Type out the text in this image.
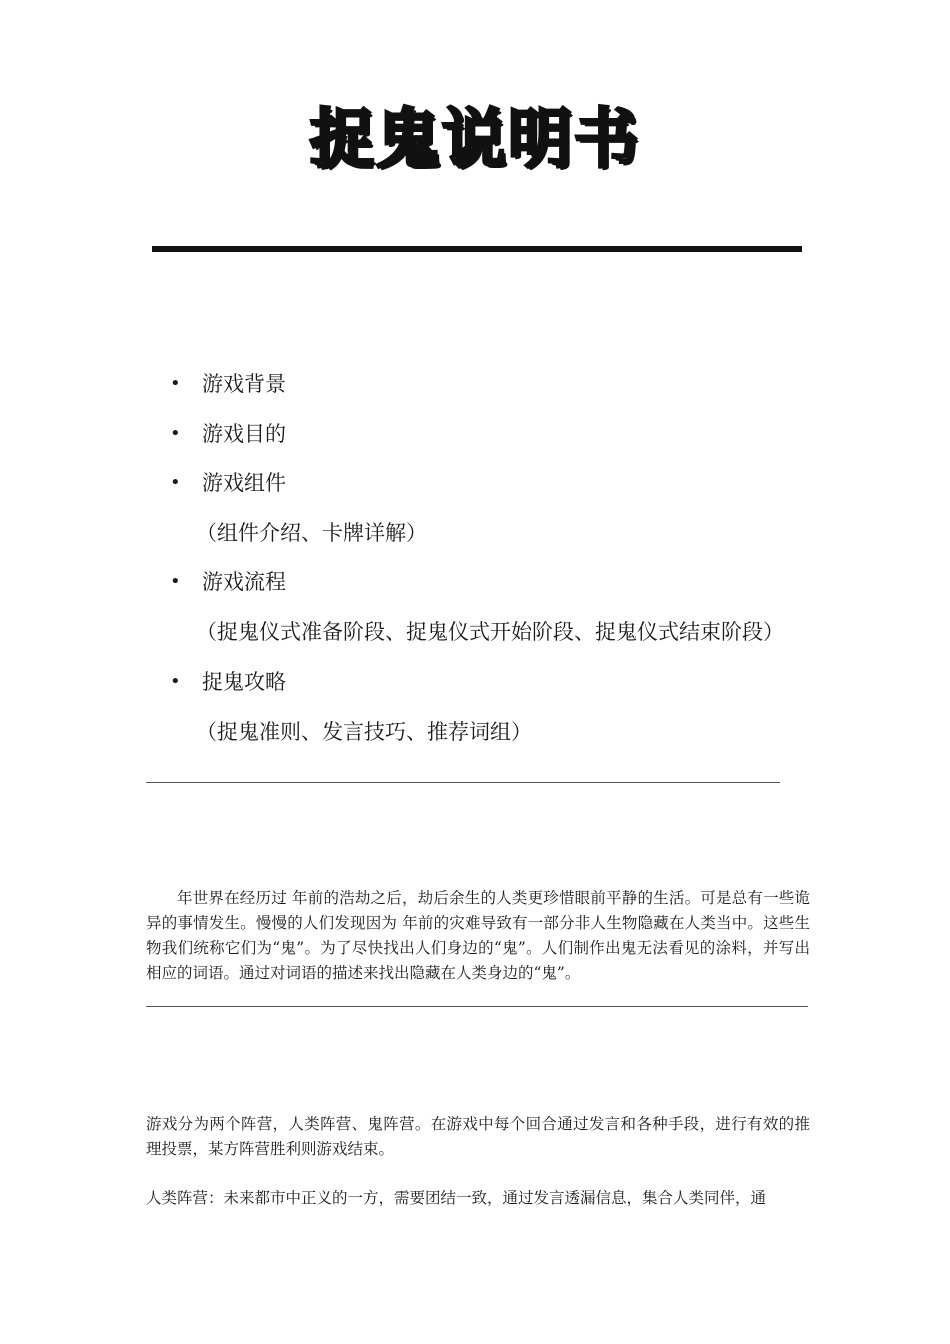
捉鬼说明书
• 游戏背景
• 游戏目的
• 游戏组件
（组件介绍、卡牌详解）
• 游戏流程
（捉鬼仪式准备阶段、捉鬼仪式开始阶段、捉鬼仪式结束阶段）
• 捉鬼攻略
（捉鬼准则、发言技巧、推荐词组）

年世界在经历过 年前的浩劫之后，劫后余生的人类更珍惜眼前平静的生活。可是总有一些诡异的事情发生。慢慢的人们发现因为 年前的灾难导致有一部分非人生物隐藏在人类当中。这些生物我们统称它们为“鬼”。为了尽快找出人们身边的“鬼”。人们制作出鬼无法看见的涂料，并写出相应的词语。通过对词语的描述来找出隐藏在人类身边的“鬼”。

游戏分为两个阵营，人类阵营、鬼阵营。在游戏中每个回合通过发言和各种手段，进行有效的推理投票，某方阵营胜利则游戏结束。

人类阵营：未来都市中正义的一方，需要团结一致，通过发言透漏信息，集合人类同伴，通
